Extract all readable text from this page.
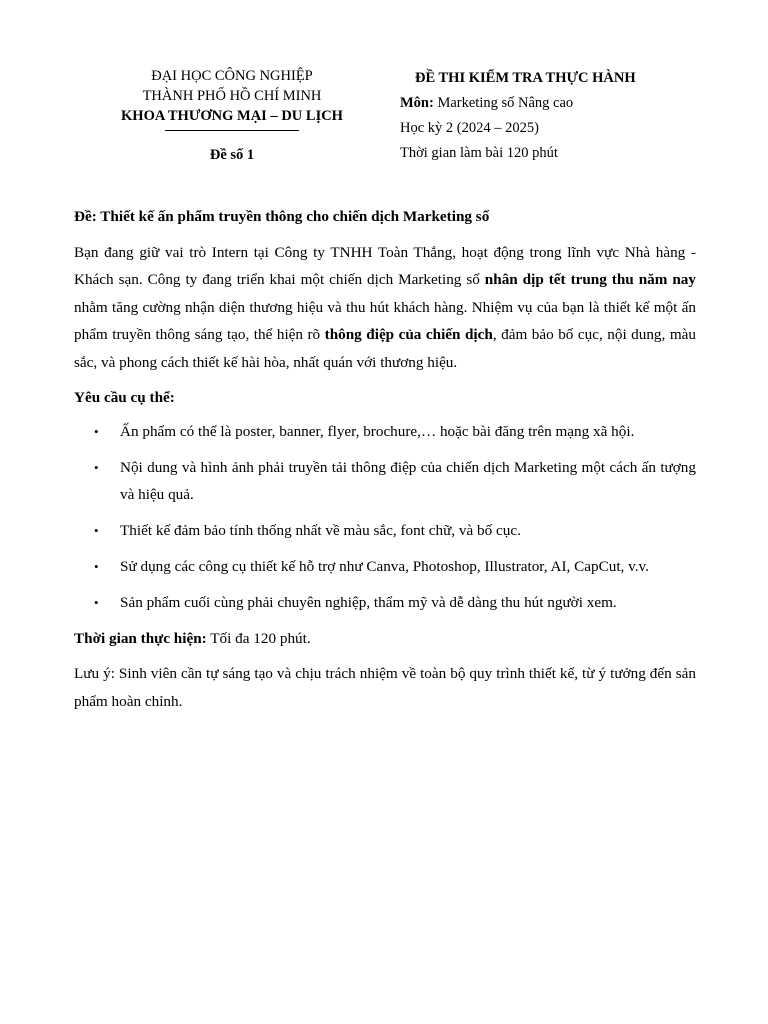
ĐẠI HỌC CÔNG NGHIỆP
THÀNH PHỐ HỒ CHÍ MINH
KHOA THƯƠNG MẠI – DU LỊCH
Đề số 1
ĐỀ THI KIỂM TRA THỰC HÀNH
Môn: Marketing số Nâng cao
Học kỳ 2 (2024 – 2025)
Thời gian làm bài 120 phút

Đề: Thiết kế ấn phẩm truyền thông cho chiến dịch Marketing số

Bạn đang giữ vai trò Intern tại Công ty TNHH Toàn Thắng, hoạt động trong lĩnh vực Nhà hàng - Khách sạn. Công ty đang triển khai một chiến dịch Marketing số nhân dịp tết trung thu năm nay nhằm tăng cường nhận diện thương hiệu và thu hút khách hàng. Nhiệm vụ của bạn là thiết kế một ấn phẩm truyền thông sáng tạo, thể hiện rõ thông điệp của chiến dịch, đảm bảo bố cục, nội dung, màu sắc, và phong cách thiết kế hài hòa, nhất quán với thương hiệu.

Yêu cầu cụ thể:

• Ấn phẩm có thể là poster, banner, flyer, brochure,… hoặc bài đăng trên mạng xã hội.
• Nội dung và hình ảnh phải truyền tải thông điệp của chiến dịch Marketing một cách ấn tượng và hiệu quả.
• Thiết kế đảm bảo tính thống nhất về màu sắc, font chữ, và bố cục.
• Sử dụng các công cụ thiết kế hỗ trợ như Canva, Photoshop, Illustrator, AI, CapCut, v.v.
• Sản phẩm cuối cùng phải chuyên nghiệp, thẩm mỹ và dễ dàng thu hút người xem.

Thời gian thực hiện: Tối đa 120 phút.

Lưu ý: Sinh viên cần tự sáng tạo và chịu trách nhiệm về toàn bộ quy trình thiết kế, từ ý tưởng đến sản phẩm hoàn chỉnh.
